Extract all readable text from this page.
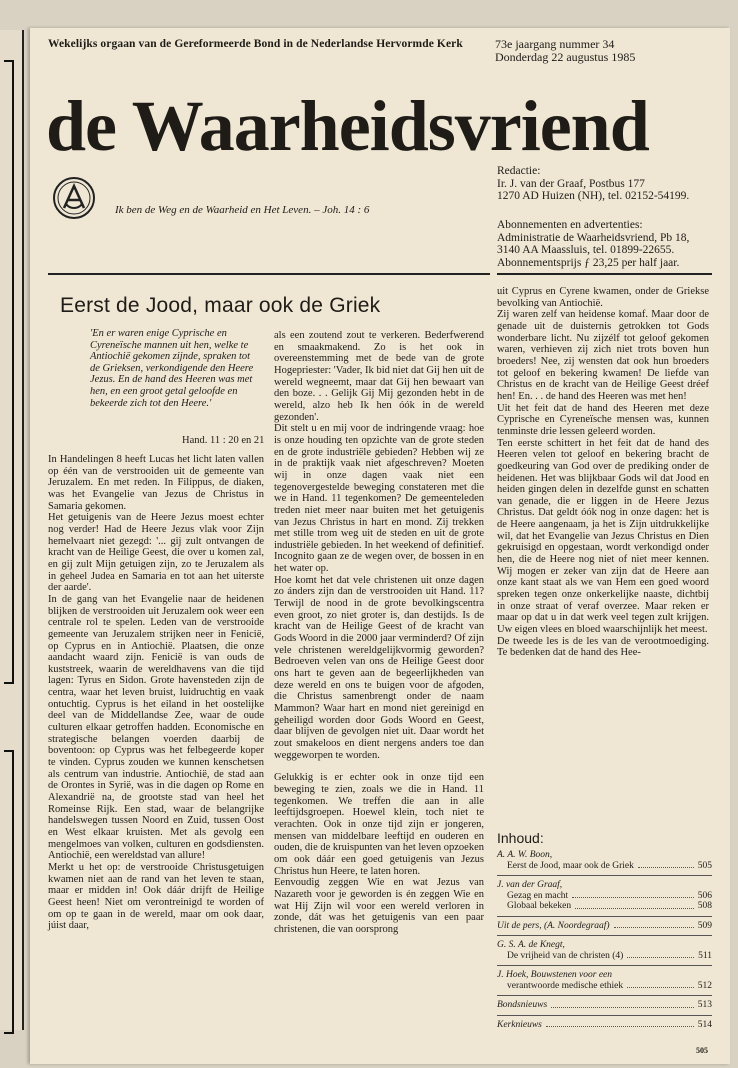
Wekelijks orgaan van de Gereformeerde Bond in de Nederlandse Hervormde Kerk	73e jaargang nummer 34
Donderdag 22 augustus 1985
de Waarheidsvriend
Ik ben de Weg en de Waarheid en Het Leven. – Joh. 14 : 6
Redactie:
Ir. J. van der Graaf, Postbus 177
1270 AD Huizen (NH), tel. 02152-54199.
Abonnementen en advertenties:
Administratie de Waarheidsvriend, Pb 18,
3140 AA Maassluis, tel. 01899-22655.
Abonnementsprijs ƒ 23,25 per half jaar.
Eerst de Jood, maar ook de Griek
'En er waren enige Cyprische en Cyreneïsche mannen uit hen, welke te Antiochië gekomen zijnde, spraken tot de Grieksen, verkondigende den Heere Jezus. En de hand des Heeren was met hen, en een groot getal geloofde en bekeerde zich tot den Heere.'
Hand. 11 : 20 en 21

In Handelingen 8 heeft Lucas het licht laten vallen op één van de verstrooiden uit de gemeente van Jeruzalem. En met reden. In Filippus, de diaken, was het Evangelie van Jezus de Christus in Samaria gekomen.

Het getuigenis van de Heere Jezus moest echter nog verder! Had de Heere Jezus vlak voor Zijn hemelvaart niet gezegd: '... gij zult ontvangen de kracht van de Heilige Geest, die over u komen zal, en gij zult Mijn getuigen zijn, zo te Jeruzalem als in geheel Judea en Samaria en tot aan het uiterste der aarde'.

In de gang van het Evangelie naar de heidenen blijken de verstrooiden uit Jeruzalem ook weer een centrale rol te spelen. Leden van de verstrooide gemeente van Jeruzalem strijken neer in Fenicië, op Cyprus en in Antiochië. Plaatsen, die onze aandacht waard zijn. Fenicië is van ouds de kuststreek, waarin de wereldhavens van die tijd lagen: Tyrus en Sidon. Grote havensteden zijn de centra, waar het leven bruist, luidruchtig en vaak ontuchtig. Cyprus is het eiland in het oostelijke deel van de Middellandse Zee, waar de oude culturen elkaar getroffen hadden. Economische en strategische belangen voerden daarbij de boventoon: op Cyprus was het felbegeerde koper te vinden. Cyprus zouden we kunnen kenschetsen als centrum van industrie. Antiochië, de stad aan de Orontes in Syrië, was in die dagen op Rome en Alexandrië na, de grootste stad van heel het Romeinse Rijk. Een stad, waar de belangrijke handelswegen tussen Noord en Zuid, tussen Oost en West elkaar kruisten. Met als gevolg een mengelmoes van volken, culturen en godsdiensten. Antiochië, een wereldstad van allure!

Merkt u het op: de verstrooide Christusgetuigen kwamen niet aan de rand van het leven te staan, maar er midden in! Ook dáár drijft de Heilige Geest heen! Niet om verontreinigd te worden of om op te gaan in de wereld, maar om ook daar, júist daar,

als een zoutend zout te verkeren. Bederfwerend en smaakmakend. Zo is het ook in overeenstemming met de bede van de grote Hogepriester: 'Vader, Ik bid niet dat Gij hen uit de wereld wegneemt, maar dat Gij hen bewaart van den boze. . . Gelijk Gij Mij gezonden hebt in de wereld, alzo heb Ik hen óók in de wereld gezonden'.

Dit stelt u en mij voor de indringende vraag: hoe is onze houding ten opzichte van de grote steden en de grote industriële gebieden? Hebben wij ze in de praktijk vaak niet afgeschreven? Moeten wij in onze dagen vaak niet een tegenovergestelde beweging constateren met die we in Hand. 11 tegenkomen? De gemeenteleden treden niet meer naar buiten met het getuigenis van Jezus Christus in hart en mond. Zij trekken met stille trom weg uit de steden en uit de grote industriële gebieden. In het weekend of definitief. Incognito gaan ze de wegen over, de bossen in en het water op.

Hoe komt het dat vele christenen uit onze dagen zo ánders zijn dan de verstrooiden uit Hand. 11? Terwijl de nood in de grote bevolkingscentra even groot, zo niet groter is, dan destijds. Is de kracht van de Heilige Geest of de kracht van Gods Woord in die 2000 jaar verminderd? Of zijn vele christenen wereldgelijkvormig geworden? Bedroeven velen van ons de Heilige Geest door ons hart te geven aan de begeerlijkheden van deze wereld en ons te buigen voor de afgoden, die Christus samenbrengt onder de naam Mammon? Waar hart en mond niet gereinigd en geheiligd worden door Gods Woord en Geest, daar blijven de gevolgen niet uit. Daar wordt het zout smakeloos en dient nergens anders toe dan weggeworpen te worden.

Gelukkig is er echter ook in onze tijd een beweging te zien, zoals we die in Hand. 11 tegenkomen. We treffen die aan in alle leeftijdsgroepen. Hoewel klein, toch niet te verachten. Ook in onze tijd zijn er jongeren, mensen van middelbare leeftijd en ouderen en ouden, die de kruispunten van het leven opzoeken om ook dáár een goed getuigenis van Jezus Christus hun Heere, te laten horen.

Eenvoudig zeggen Wie en wat Jezus van Nazareth voor je geworden is én zeggen Wie en wat Hij Zijn wil voor een wereld verloren in zonde, dát was het getuigenis van een paar christenen, die van oorsprong

uit Cyprus en Cyrene kwamen, onder de Griekse bevolking van Antiochië.

Zij waren zelf van heidense komaf. Maar door de genade uit de duisternis getrokken tot Gods wonderbare licht. Nu zijzélf tot geloof gekomen waren, verhieven zij zich niet trots boven hun broeders! Nee, zij wensten dat ook hun broeders tot geloof en bekering kwamen! De liefde van Christus en de kracht van de Heilige Geest dréef hen! En. . . de hand des Heeren was met hen!

Uit het feit dat de hand des Heeren met deze Cyprische en Cyreneïsche mensen was, kunnen tenminste drie lessen geleerd worden.

Ten eerste schittert in het feit dat de hand des Heeren velen tot geloof en bekering bracht de goedkeuring van God over de prediking onder de heidenen. Het was blijkbaar Gods wil dat Jood en heiden gingen delen in dezelfde gunst en schatten van genade, die er liggen in de Heere Jezus Christus. Dat geldt óók nog in onze dagen: het is de Heere aangenaam, ja het is Zijn uitdrukkelijke wil, dat het Evangelie van Jezus Christus en Dien gekruisigd en opgestaan, wordt verkondigd onder hen, die de Heere nog niet of niet meer kennen. Wij mogen er zeker van zijn dat de Heere aan onze kant staat als we van Hem een goed woord spreken tegen onze onkerkelijke naaste, dichtbij in onze straat of veraf overzee. Maar reken er maar op dat u in dat werk veel tegen zult krijgen. Uw eigen vlees en bloed waarschijnlijk het meest.

De tweede les is de les van de verootmoediging. Te bedenken dat de hand des Hee-

Inhoud:
A. A. W. Boon,
Eerst de Jood, maar ook de Griek	505
J. van der Graaf,
Gezag en macht	506
Globaal bekeken	508
Uit de pers, (A. Noordegraaf)	509
G. S. A. de Knegt,
De vrijheid van de christen (4)	511
J. Hoek, Bouwstenen voor een
verantwoorde medische ethiek	512
Bondsnieuws	513
Kerknieuws	514
505
